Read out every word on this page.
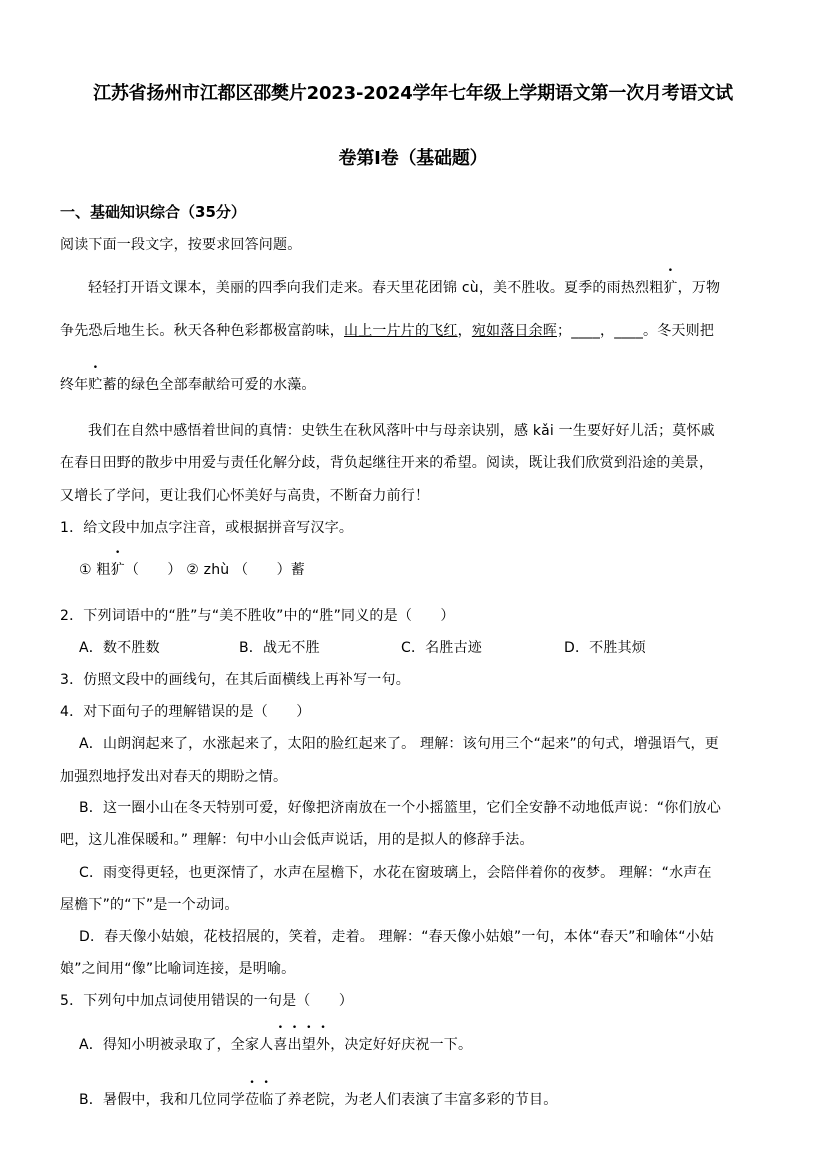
江苏省扬州市江都区邵樊片2023-2024学年七年级上学期语文第一次月考语文试
卷第Ⅰ卷（基础题）
一、基础知识综合（35分）
阅读下面一段文字，按要求回答问题。
轻轻打开语文课本，美丽的四季向我们走来。春天里花团锦 cù，美不胜收。夏季的雨热烈粗犷，万物
争先恐后地生长。秋天各种色彩都极富韵味，山上一片片的飞红，宛如落日余晖；____，____。冬天则把
终年贮蓄的绿色全部奉献给可爱的水藻。
我们在自然中感悟着世间的真情：史铁生在秋风落叶中与母亲诀别，感 kǎi 一生要好好儿活；莫怀戚
在春日田野的散步中用爱与责任化解分歧，背负起继往开来的希望。阅读，既让我们欣赏到沿途的美景，
又增长了学问，更让我们心怀美好与高贵，不断奋力前行！
1．给文段中加点字注音，或根据拼音写汉字。
① 粗犷（　　） ② zhù （　　）蓄
2．下列词语中的“胜”与“美不胜收”中的“胜”同义的是（　　）
A．数不胜数	B．战无不胜	C．名胜古迹	D．不胜其烦
3．仿照文段中的画线句，在其后面横线上再补写一句。
4．对下面句子的理解错误的是（　　）
A．山朗润起来了，水涨起来了，太阳的脸红起来了。 理解：该句用三个“起来”的句式，增强语气，更
加强烈地抒发出对春天的期盼之情。
B．这一圈小山在冬天特别可爱，好像把济南放在一个小摇篮里，它们全安静不动地低声说：“你们放心
吧，这儿准保暖和。” 理解：句中小山会低声说话，用的是拟人的修辞手法。
C．雨变得更轻，也更深情了，水声在屋檐下，水花在窗玻璃上，会陪伴着你的夜梦。 理解：“水声在
屋檐下”的“下”是一个动词。
D．春天像小姑娘，花枝招展的，笑着，走着。 理解：“春天像小姑娘”一句，本体“春天”和喻体“小姑
娘”之间用“像”比喻词连接，是明喻。
5．下列句中加点词使用错误的一句是（　　）
A．得知小明被录取了，全家人喜出望外，决定好好庆祝一下。
B．暑假中，我和几位同学莅临了养老院，为老人们表演了丰富多彩的节目。
